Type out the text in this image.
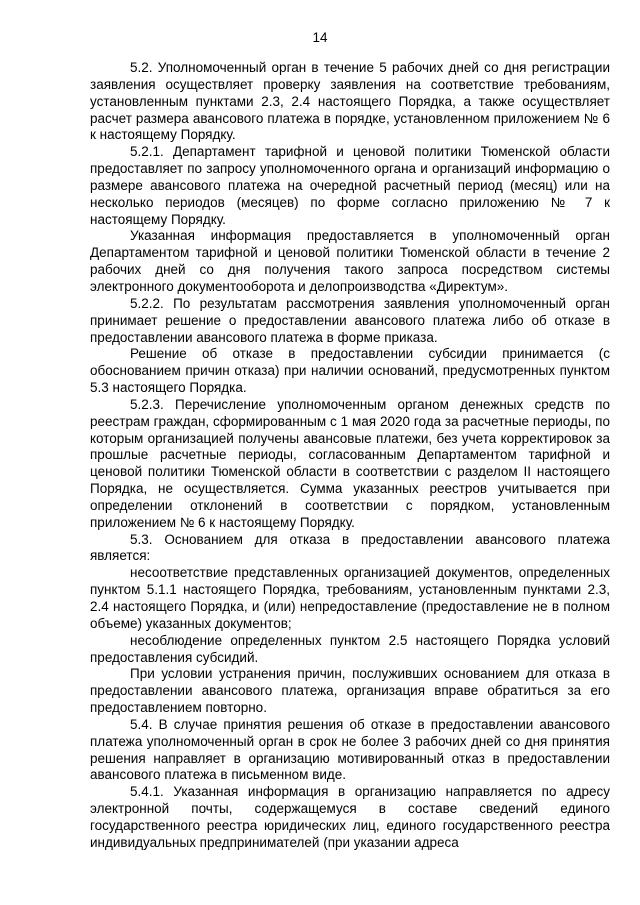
14

5.2. Уполномоченный орган в течение 5 рабочих дней со дня регистрации заявления осуществляет проверку заявления на соответствие требованиям, установленным пунктами 2.3, 2.4 настоящего Порядка, а также осуществляет расчет размера авансового платежа в порядке, установленном приложением № 6 к настоящему Порядку.

5.2.1. Департамент тарифной и ценовой политики Тюменской области предоставляет по запросу уполномоченного органа и организаций информацию о размере авансового платежа на очередной расчетный период (месяц) или на несколько периодов (месяцев) по форме согласно приложению № 7 к настоящему Порядку.

Указанная информация предоставляется в уполномоченный орган Департаментом тарифной и ценовой политики Тюменской области в течение 2 рабочих дней со дня получения такого запроса посредством системы электронного документооборота и делопроизводства «Директум».

5.2.2. По результатам рассмотрения заявления уполномоченный орган принимает решение о предоставлении авансового платежа либо об отказе в предоставлении авансового платежа в форме приказа.

Решение об отказе в предоставлении субсидии принимается (с обоснованием причин отказа) при наличии оснований, предусмотренных пунктом 5.3 настоящего Порядка.

5.2.3. Перечисление уполномоченным органом денежных средств по реестрам граждан, сформированным с 1 мая 2020 года за расчетные периоды, по которым организацией получены авансовые платежи, без учета корректировок за прошлые расчетные периоды, согласованным Департаментом тарифной и ценовой политики Тюменской области в соответствии с разделом II настоящего Порядка, не осуществляется. Сумма указанных реестров учитывается при определении отклонений в соответствии с порядком, установленным приложением № 6 к настоящему Порядку.

5.3. Основанием для отказа в предоставлении авансового платежа является:

несоответствие представленных организацией документов, определенных пунктом 5.1.1 настоящего Порядка, требованиям, установленным пунктами 2.3, 2.4 настоящего Порядка, и (или) непредоставление (предоставление не в полном объеме) указанных документов;

несоблюдение определенных пунктом 2.5 настоящего Порядка условий предоставления субсидий.

При условии устранения причин, послуживших основанием для отказа в предоставлении авансового платежа, организация вправе обратиться за его предоставлением повторно.

5.4. В случае принятия решения об отказе в предоставлении авансового платежа уполномоченный орган в срок не более 3 рабочих дней со дня принятия решения направляет в организацию мотивированный отказ в предоставлении авансового платежа в письменном виде.

5.4.1. Указанная информация в организацию направляется по адресу электронной почты, содержащемуся в составе сведений единого государственного реестра юридических лиц, единого государственного реестра индивидуальных предпринимателей (при указании адреса
